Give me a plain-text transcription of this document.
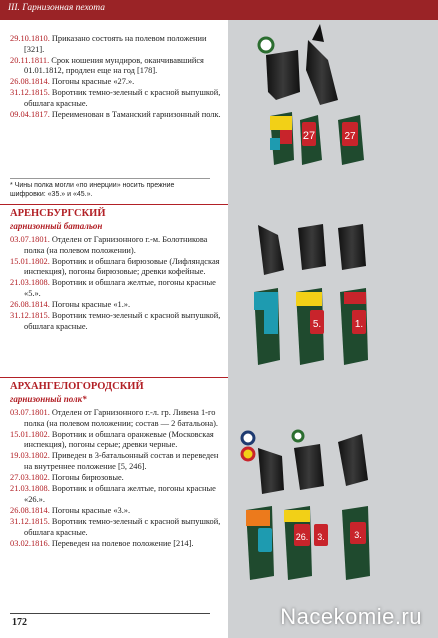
III. Гарнизонная пехота
29.10.1810. Приказано состоять на полевом положении [321].
20.11.1811. Срок ношения мундиров, оканчивавшийся 01.01.1812, продлен еще на год [178].
26.08.1814. Погоны красные «27.».
31.12.1815. Воротник темно-зеленый с красной выпушкой, обшлага красные.
09.04.1817. Переименован в Таманский гарнизонный полк.
* Чины полка могли «по инерции» носить прежние шифровки: «35.» и «45.».
АРЕНСБУРГСКИЙ
гарнизонный батальон
03.07.1801. Отделен от Гарнизонного г.-м. Болотникова полка (на полевом положении).
15.01.1802. Воротник и обшлага бирюзовые (Лифляндская инспекция), погоны бирюзовые; древки кофейные.
21.03.1808. Воротник и обшлага желтые, погоны красные «5.».
26.08.1814. Погоны красные «1.».
31.12.1815. Воротник темно-зеленый с красной выпушкой, обшлага красные.
АРХАНГЕЛОГОРОДСКИЙ
гарнизонный полк*
03.07.1801. Отделен от Гарнизонного г.-л. гр. Ливена 1-го полка (на полевом положении; состав — 2 батальона).
15.01.1802. Воротник и обшлага оранжевые (Московская инспекция), погоны серые; древки черные.
19.03.1802. Приведен в 3-батальонный состав и переведен на внутреннее положение [5, 246].
27.03.1802. Погоны бирюзовые.
21.03.1808. Воротник и обшлага желтые, погоны красные «26.».
26.08.1814. Погоны красные «3.».
31.12.1815. Воротник темно-зеленый с красной выпушкой, обшлага красные.
03.02.1816. Переведен на полевое положение [214].
27	27
5.	1.
26. 3.	3.
172	Nacekomie.ru
